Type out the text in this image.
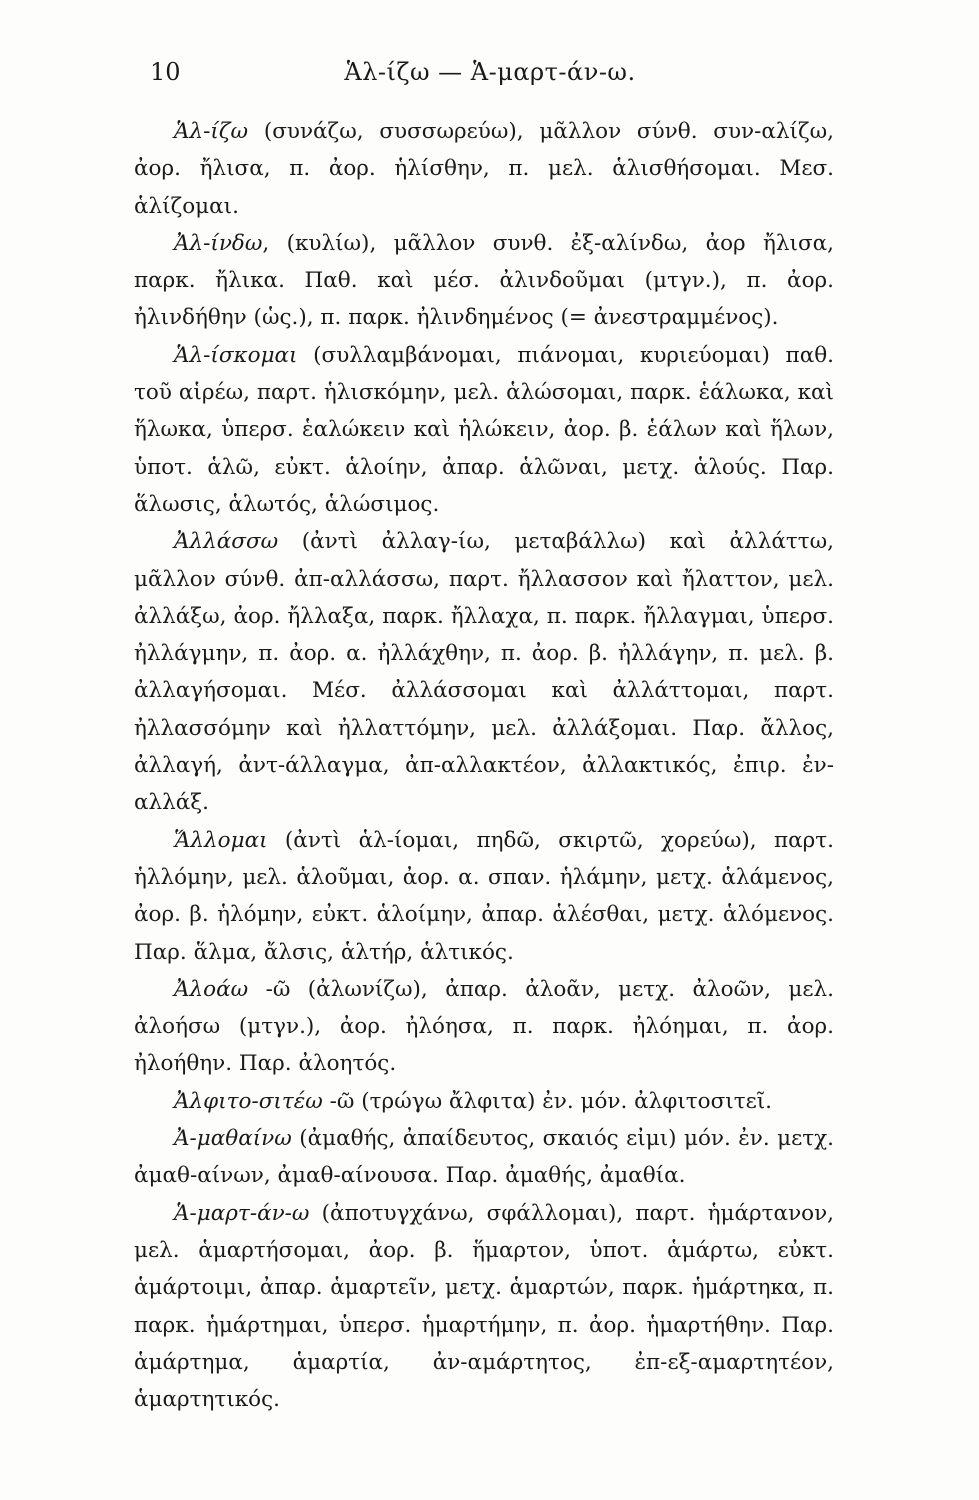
10	Ἁλ-ίζω — Ἁ-μαρτ-άν-ω.

Ἁλ-ίζω (συνάζω, συσσωρεύω), μᾶλλον σύνθ. συν-αλίζω, ἀορ. ἤλισα, π. ἀορ. ἡλίσθην, π. μελ. ἁλισθήσομαι. Μεσ. ἁλίζομαι.

Ἀλ-ίνδω, (κυλίω), μᾶλλον συνθ. ἐξ-αλίνδω, ἀορ ἤλισα, παρκ. ἤλικα. Παθ. καὶ μέσ. ἀλινδοῦμαι (μτγν.), π. ἀορ. ἠλινδήθην (ὡς.), π. παρκ. ἠλινδημένος (= ἀνεστραμμένος).

Ἁλ-ίσκομαι (συλλαμβάνομαι, πιάνομαι, κυριεύομαι) παθ. τοῦ αἱρέω, παρτ. ἡλισκόμην, μελ. ἁλώσομαι, παρκ. ἑάλωκα, καὶ ἥλωκα, ὑπερσ. ἑαλώκειν καὶ ἡλώκειν, ἀορ. β. ἑάλων καὶ ἥλων, ὑποτ. ἁλῶ, εὐκτ. ἁλοίην, ἀπαρ. ἁλῶναι, μετχ. ἁλούς. Παρ. ἅλωσις, ἁλωτός, ἁλώσιμος.

Ἀλλάσσω (ἀντὶ ἀλλαγ-ίω, μεταβάλλω) καὶ ἀλλάττω, μᾶλλον σύνθ. ἀπ-αλλάσσω, παρτ. ἤλλασσον καὶ ἤλαττον, μελ. ἀλλάξω, ἀορ. ἤλλαξα, παρκ. ἤλλαχα, π. παρκ. ἤλλαγμαι, ὑπερσ. ἠλλάγμην, π. ἀορ. α. ἠλλάχθην, π. ἀορ. β. ἠλλάγην, π. μελ. β. ἀλλαγήσομαι. Μέσ. ἀλλάσσομαι καὶ ἀλλάττομαι, παρτ. ἠλλασσόμην καὶ ἠλλαττόμην, μελ. ἀλλάξομαι. Παρ. ἄλλος, ἀλλαγή, ἀντ-άλλαγμα, ἀπ-αλλακτέον, ἀλλακτικός, ἐπιρ. ἐν-αλλάξ.

Ἅλλομαι (ἀντὶ ἁλ-ίομαι, πηδῶ, σκιρτῶ, χορεύω), παρτ. ἡλλόμην, μελ. ἁλοῦμαι, ἀορ. α. σπαν. ἡλάμην, μετχ. ἁλάμενος, ἀορ. β. ἡλόμην, εὐκτ. ἁλοίμην, ἀπαρ. ἁλέσθαι, μετχ. ἁλόμενος. Παρ. ἅλμα, ἄλσις, ἁλτήρ, ἁλτικός.

Ἀλοάω -ῶ (ἀλωνίζω), ἀπαρ. ἀλοᾶν, μετχ. ἀλοῶν, μελ. ἀλοήσω (μτγν.), ἀορ. ἠλόησα, π. παρκ. ἠλόημαι, π. ἀορ. ἠλοήθην. Παρ. ἀλοητός.

Ἀλφιτο-σιτέω -ῶ (τρώγω ἄλφιτα) ἐν. μόν. ἀλφιτοσιτεῖ.

Ἀ-μαθαίνω (ἀμαθής, ἀπαίδευτος, σκαιός εἰμι) μόν. ἐν. μετχ. ἀμαθ-αίνων, ἀμαθ-αίνουσα. Παρ. ἀμαθής, ἀμαθία.

Ἁ-μαρτ-άν-ω (ἀποτυγχάνω, σφάλλομαι), παρτ. ἡμάρτανον, μελ. ἁμαρτήσομαι, ἀορ. β. ἥμαρτον, ὑποτ. ἁμάρτω, εὐκτ. ἁμάρτοιμι, ἀπαρ. ἁμαρτεῖν, μετχ. ἁμαρτών, παρκ. ἡμάρτηκα, π. παρκ. ἡμάρτημαι, ὑπερσ. ἡμαρτήμην, π. ἀορ. ἡμαρτήθην. Παρ. ἁμάρτημα, ἁμαρτία, ἀν-αμάρτητος, ἐπ-εξ-αμαρτητέον, ἁμαρτητικός.
